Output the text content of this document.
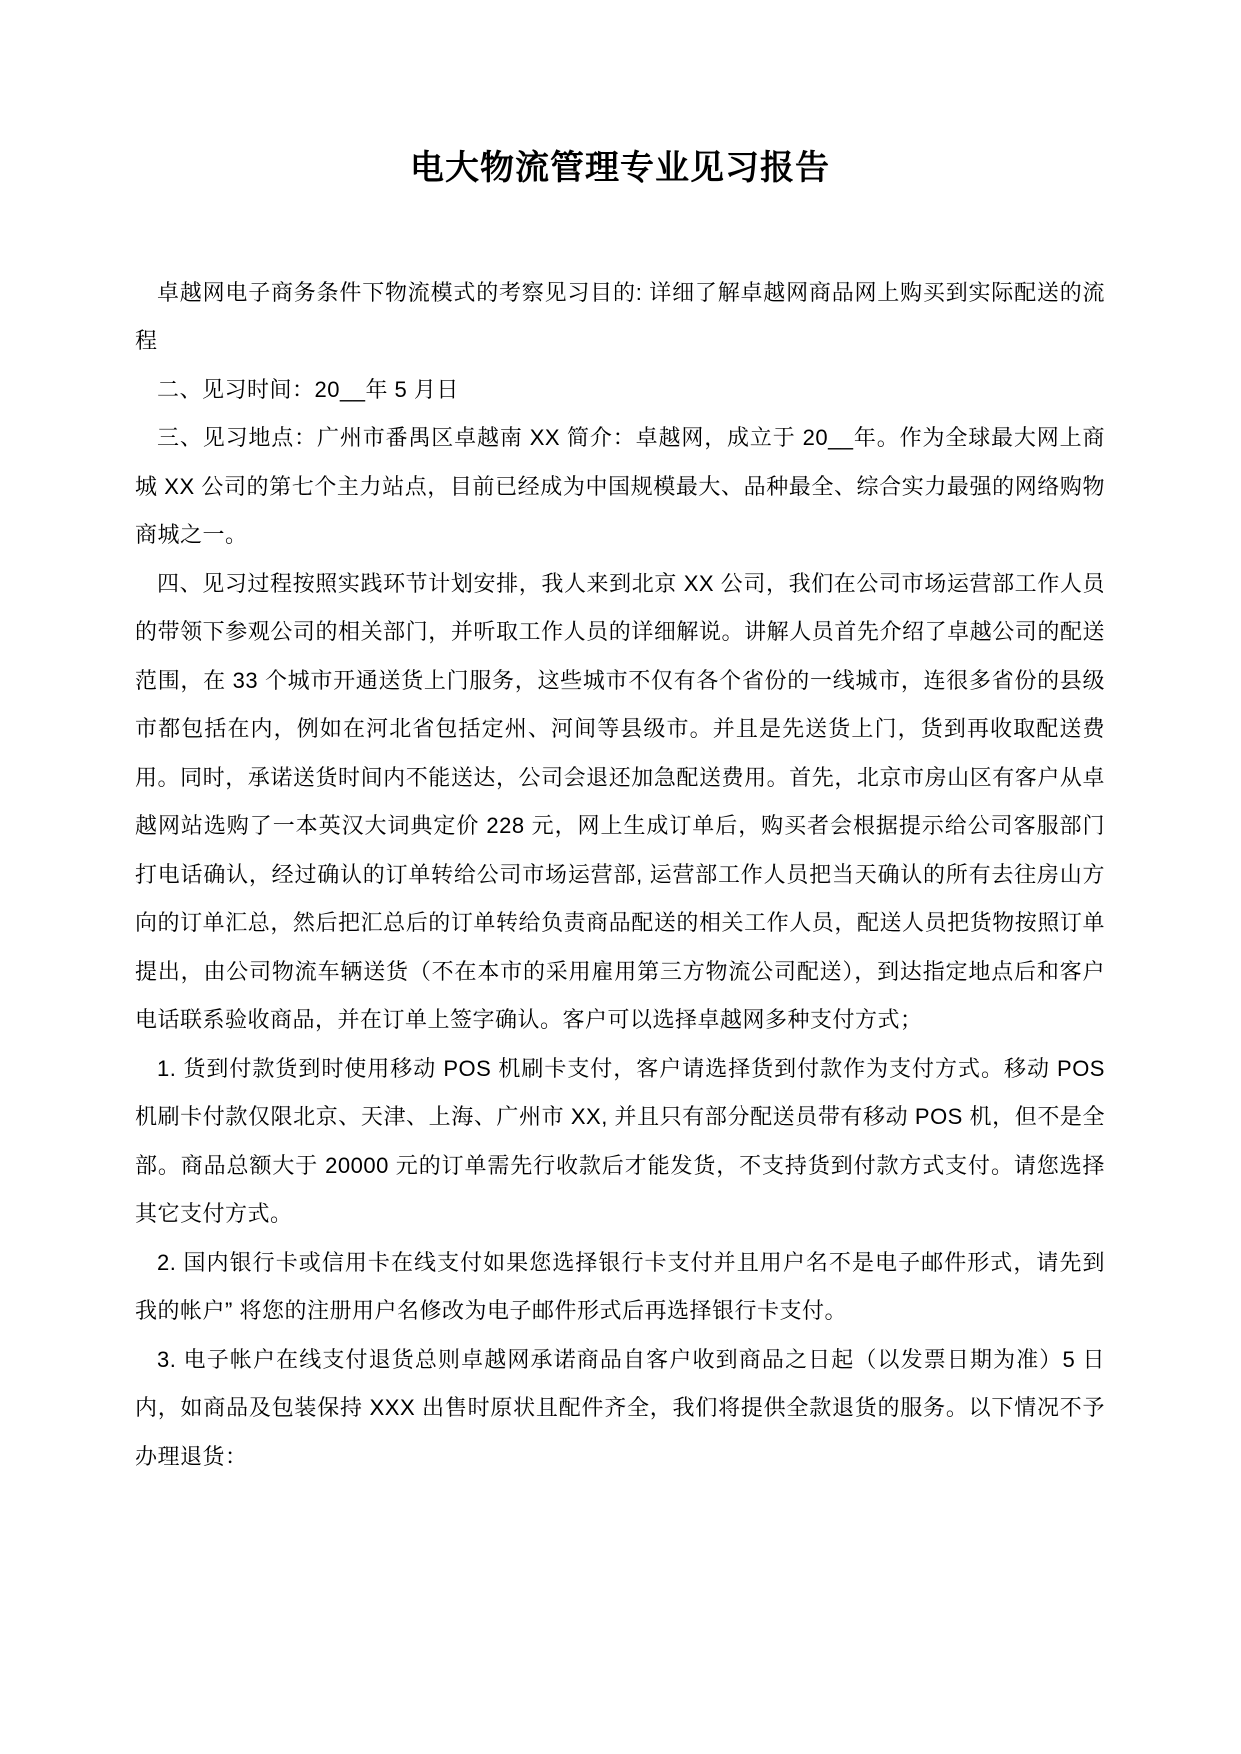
电大物流管理专业见习报告

卓越网电子商务条件下物流模式的考察见习目的: 详细了解卓越网商品网上购买到实际配送的流程

二、见习时间：20__年 5 月日

三、见习地点：广州市番禺区卓越南 XX 简介：卓越网，成立于 20__年。作为全球最大网上商城 XX 公司的第七个主力站点，目前已经成为中国规模最大、品种最全、综合实力最强的网络购物商城之一。

四、见习过程按照实践环节计划安排，我人来到北京 XX 公司，我们在公司市场运营部工作人员的带领下参观公司的相关部门，并听取工作人员的详细解说。讲解人员首先介绍了卓越公司的配送范围，在 33 个城市开通送货上门服务，这些城市不仅有各个省份的一线城市，连很多省份的县级市都包括在内，例如在河北省包括定州、河间等县级市。并且是先送货上门，货到再收取配送费用。同时，承诺送货时间内不能送达，公司会退还加急配送费用。首先，北京市房山区有客户从卓越网站选购了一本英汉大词典定价 228 元，网上生成订单后，购买者会根据提示给公司客服部门打电话确认，经过确认的订单转给公司市场运营部, 运营部工作人员把当天确认的所有去往房山方向的订单汇总，然后把汇总后的订单转给负责商品配送的相关工作人员，配送人员把货物按照订单提出，由公司物流车辆送货（不在本市的采用雇用第三方物流公司配送），到达指定地点后和客户电话联系验收商品，并在订单上签字确认。客户可以选择卓越网多种支付方式；

1. 货到付款货到时使用移动 POS 机刷卡支付，客户请选择货到付款作为支付方式。移动 POS 机刷卡付款仅限北京、天津、上海、广州市 XX, 并且只有部分配送员带有移动 POS 机，但不是全部。商品总额大于 20000 元的订单需先行收款后才能发货，不支持货到付款方式支付。请您选择其它支付方式。

2. 国内银行卡或信用卡在线支付如果您选择银行卡支付并且用户名不是电子邮件形式，请先到我的帐户” 将您的注册用户名修改为电子邮件形式后再选择银行卡支付。

3. 电子帐户在线支付退货总则卓越网承诺商品自客户收到商品之日起（以发票日期为准）5 日内，如商品及包装保持 XXX 出售时原状且配件齐全，我们将提供全款退货的服务。以下情况不予办理退货：
